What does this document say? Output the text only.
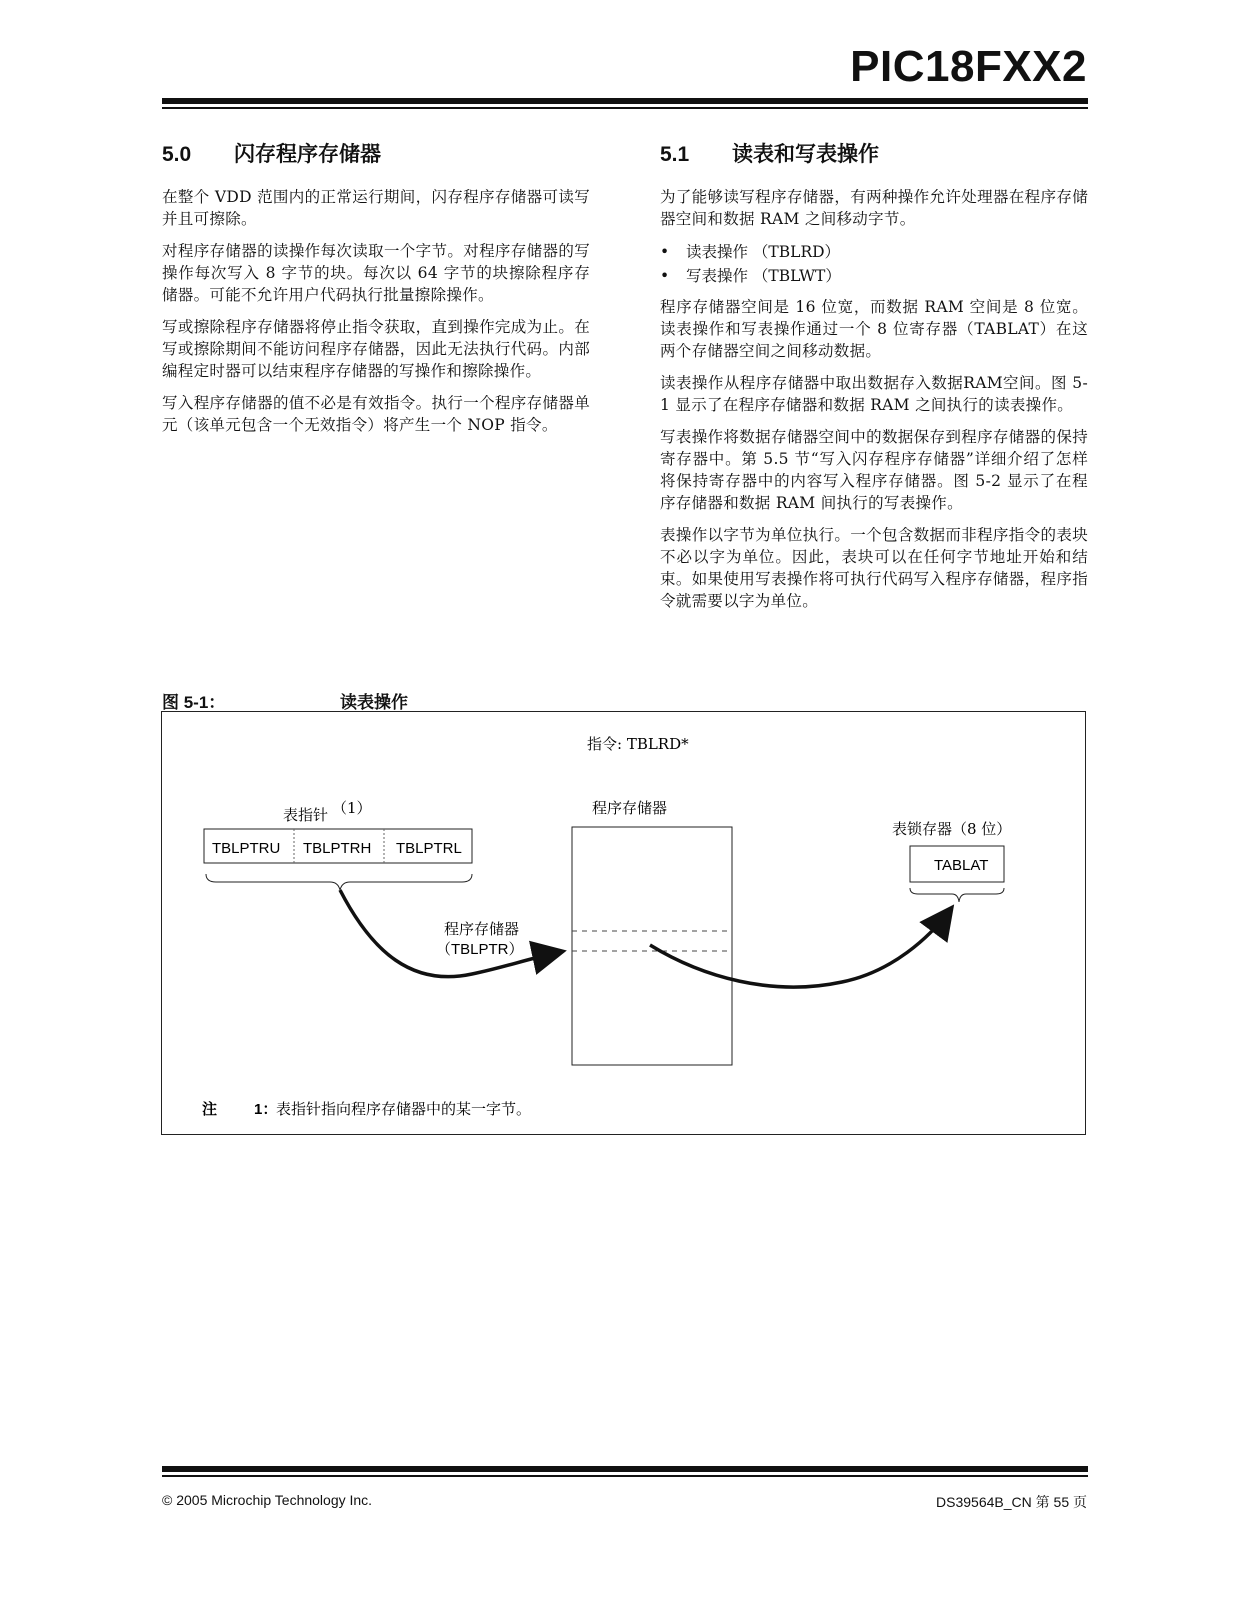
PIC18FXX2
5.0 闪存程序存储器

在整个 VDD 范围内的正常运行期间，闪存程序存储器可读写并且可擦除。

对程序存储器的读操作每次读取一个字节。对程序存储器的写操作每次写入 8 字节的块。每次以 64 字节的块擦除程序存储器。可能不允许用户代码执行批量擦除操作。

写或擦除程序存储器将停止指令获取，直到操作完成为止。在写或擦除期间不能访问程序存储器，因此无法执行代码。内部编程定时器可以结束程序存储器的写操作和擦除操作。

写入程序存储器的值不必是有效指令。执行一个程序存储器单元（该单元包含一个无效指令）将产生一个 NOP 指令。

5.1 读表和写表操作

为了能够读写程序存储器，有两种操作允许处理器在程序存储器空间和数据 RAM 之间移动字节。

• 读表操作 （TBLRD）
• 写表操作 （TBLWT）

程序存储器空间是 16 位宽，而数据 RAM 空间是 8 位宽。读表操作和写表操作通过一个 8 位寄存器（TABLAT）在这两个存储器空间之间移动数据。

读表操作从程序存储器中取出数据存入数据RAM空间。图 5-1 显示了在程序存储器和数据 RAM 之间执行的读表操作。

写表操作将数据存储器空间中的数据保存到程序存储器的保持寄存器中。第 5.5 节“写入闪存程序存储器”详细介绍了怎样将保持寄存器中的内容写入程序存储器。图 5-2 显示了在程序存储器和数据 RAM 间执行的写表操作。

表操作以字节为单位执行。一个包含数据而非程序指令的表块不必以字为单位。因此，表块可以在任何字节地址开始和结束。如果使用写表操作将可执行代码写入程序存储器，程序指令就需要以字为单位。

图 5-1：	读表操作
指令: TBLRD*
表指针 （1）
TBLPTRU TBLPTRH TBLPTRL
程序存储器
程序存储器
（TBLPTR）
表锁存器（8 位）
TABLAT
注 1：
表指针指向程序存储器中的某一字节。
© 2005 Microchip Technology Inc.	DS39564B_CN 第 55 页
